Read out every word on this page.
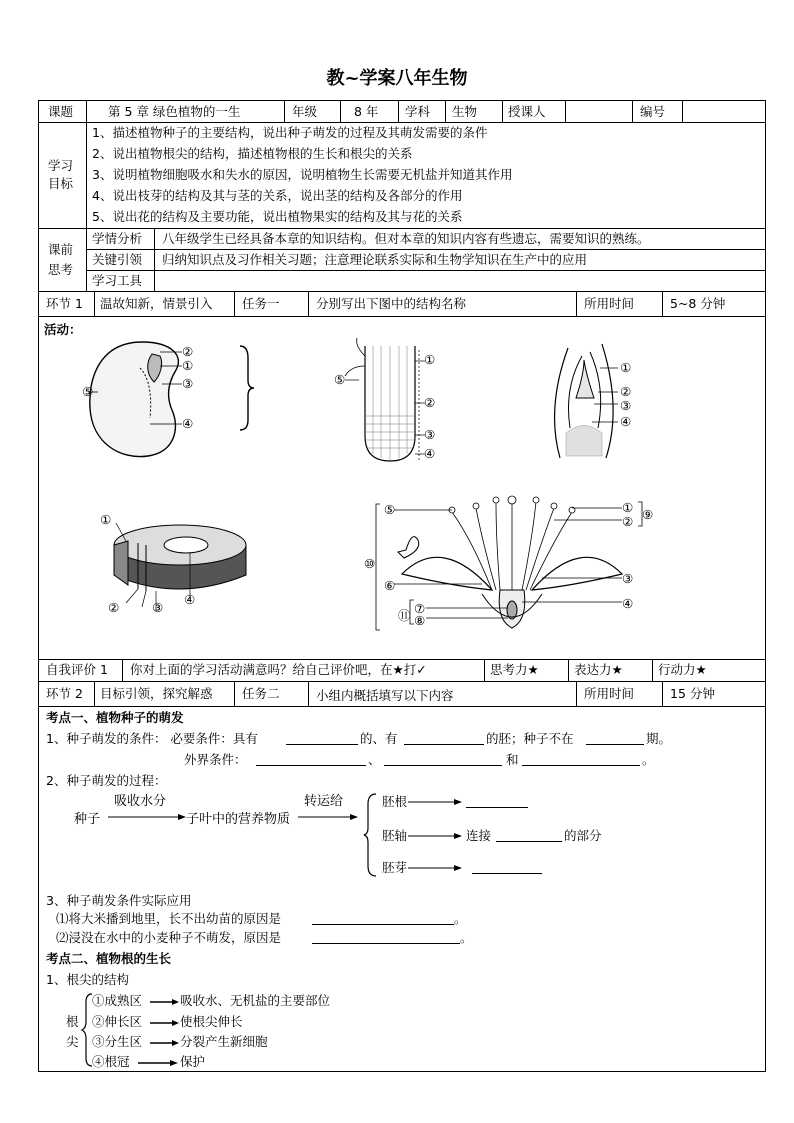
教~学案八年生物
课题	第 5 章 绿色植物的一生	年级	8 年 学科 生物 授课人	编号
学习
目标
1、描述植物种子的主要结构，说出种子萌发的过程及其萌发需要的条件
2、说出植物根尖的结构，描述植物根的生长和根尖的关系
3、说明植物细胞吸水和失水的原因，说明植物生长需要无机盐并知道其作用
4、说出枝芽的结构及其与茎的关系，说出茎的结构及各部分的作用
5、说出花的结构及主要功能，说出植物果实的结构及其与花的关系
课前
思考
学情分析 八年级学生已经具备本章的知识结构。但对本章的知识内容有些遗忘，需要知识的熟练。
关键引领 归纳知识点及习作相关习题；注意理论联系实际和生物学知识在生产中的应用
学习工具
环节 1 温故知新，情景引入 任务一	分别写出下图中的结构名称	所用时间	5~8 分钟
活动：
②
①
③
④
⑤
①
②
③
④
⑤
①
②
③
④
①
②	③
④
⑤	①
② ⑨
⑩
⑥	③
④
⑪ ⑦
⑧
自我评价 1 你对上面的学习活动满意吗？给自己评价吧，在★打✓	思考力★	表达力★	行动力★
环节 2 目标引领，探究解惑 任务二	小组内概括填写以下内容	所用时间	15 分钟
考点一、植物种子的萌发
1、种子萌发的条件： 必要条件：具有	的、有	的胚；种子不在	期。
外界条件：	、	和	。
2、种子萌发的过程：
吸收水分	转运给
种子	子叶中的营养物质
胚根
胚轴	连接	的部分
胚芽
3、种子萌发条件实际应用
⑴将大米播到地里，长不出幼苗的原因是	。
⑵浸没在水中的小麦种子不萌发，原因是	。
考点二、植物根的生长
1、根尖的结构
根
尖
①成熟区	吸收水、无机盐的主要部位
②伸长区	使根尖伸长
③分生区	分裂产生新细胞
④根冠	保护
